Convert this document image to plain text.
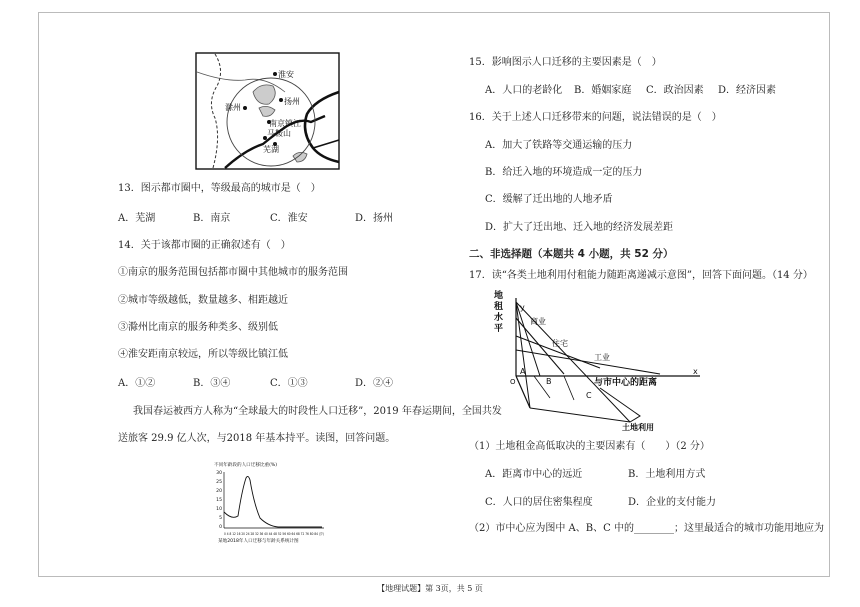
淮安
扬州
滁州
南京镇江
马鞍山
芜湖
13．图示都市圈中，等级最高的城市是（　）
A．芜湖	B．南京	C．淮安	D．扬州
14．关于该都市圈的正确叙述有（　）
①南京的服务范围包括都市圈中其他城市的服务范围
②城市等级越低，数量越多、相距越近
③滁州比南京的服务种类多、级别低
④淮安距南京较远，所以等级比镇江低
A．①②	B．③④	C．①③	D．②④
我国春运被西方人称为“全球最大的时段性人口迁移”，2019 年春运期间，全国共发
送旅客 29.9 亿人次，与2018 年基本持平。读图，回答问题。
不同年龄段的人口迁移比重(%)
30
25
20
15
10
5
0
0 4 8 12 16 20 24 28 32 36 40 44 48 52 56 60 64 68 72 76 80 84 (岁)
某地2018年人口迁移与年龄关系统计图
15．影响图示人口迁移的主要因素是（　）
A．人口的老龄化 B．婚姻家庭 C．政治因素 D．经济因素
16．关于上述人口迁移带来的问题，说法错误的是（　）
A．加大了铁路等交通运输的压力
B．给迁入地的环境造成一定的压力
C．缓解了迁出地的人地矛盾
D．扩大了迁出地、迁入地的经济发展差距
二、非选择题（本题共 4 小题，共 52 分）
17．读“各类土地利用付租能力随距离递减示意图”，回答下面问题。（14 分）
地
租
水
平
y
x
商业
住宅
工业
A
B
C
O	与市中心的距离
土地利用
（1）土地租金高低取决的主要因素有（　　）（2 分）
A．距离市中心的远近	B．土地利用方式
C．人口的居住密集程度	D．企业的支付能力
（2）市中心应为图中 A、B、C 中的________；这里最适合的城市功能用地应为
【地理试题】第 3页，共 5 页
